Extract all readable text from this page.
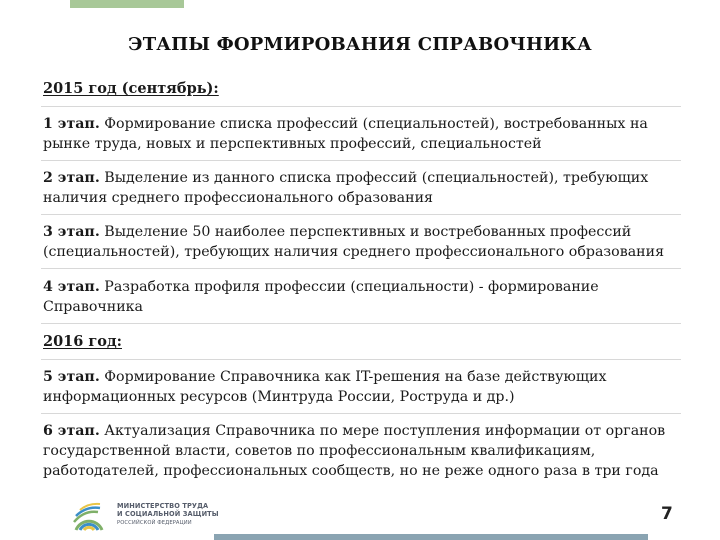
ЭТАПЫ ФОРМИРОВАНИЯ СПРАВОЧНИКА
2015 год (сентябрь):
1 этап. Формирование списка профессий (специальностей), востребованных на
рынке труда, новых и перспективных профессий, специальностей
2 этап. Выделение из данного списка профессий (специальностей), требующих
наличия среднего профессионального образования
3 этап. Выделение 50 наиболее перспективных и востребованных профессий
(специальностей), требующих наличия среднего профессионального образования
4 этап. Разработка профиля профессии (специальности) - формирование
Справочника
2016 год:
5 этап. Формирование Справочника как IT-решения на базе действующих
информационных ресурсов (Минтруда России, Роструда и др.)
6 этап. Актуализация Справочника по мере поступления информации от органов
государственной власти, советов по профессиональным квалификациям,
работодателей, профессиональных сообществ, но не реже одного раза в три года
МИНИСТЕРСТВО ТРУДА
И СОЦИАЛЬНОЙ ЗАЩИТЫ
РОССИЙСКОЙ ФЕДЕРАЦИИ	7
